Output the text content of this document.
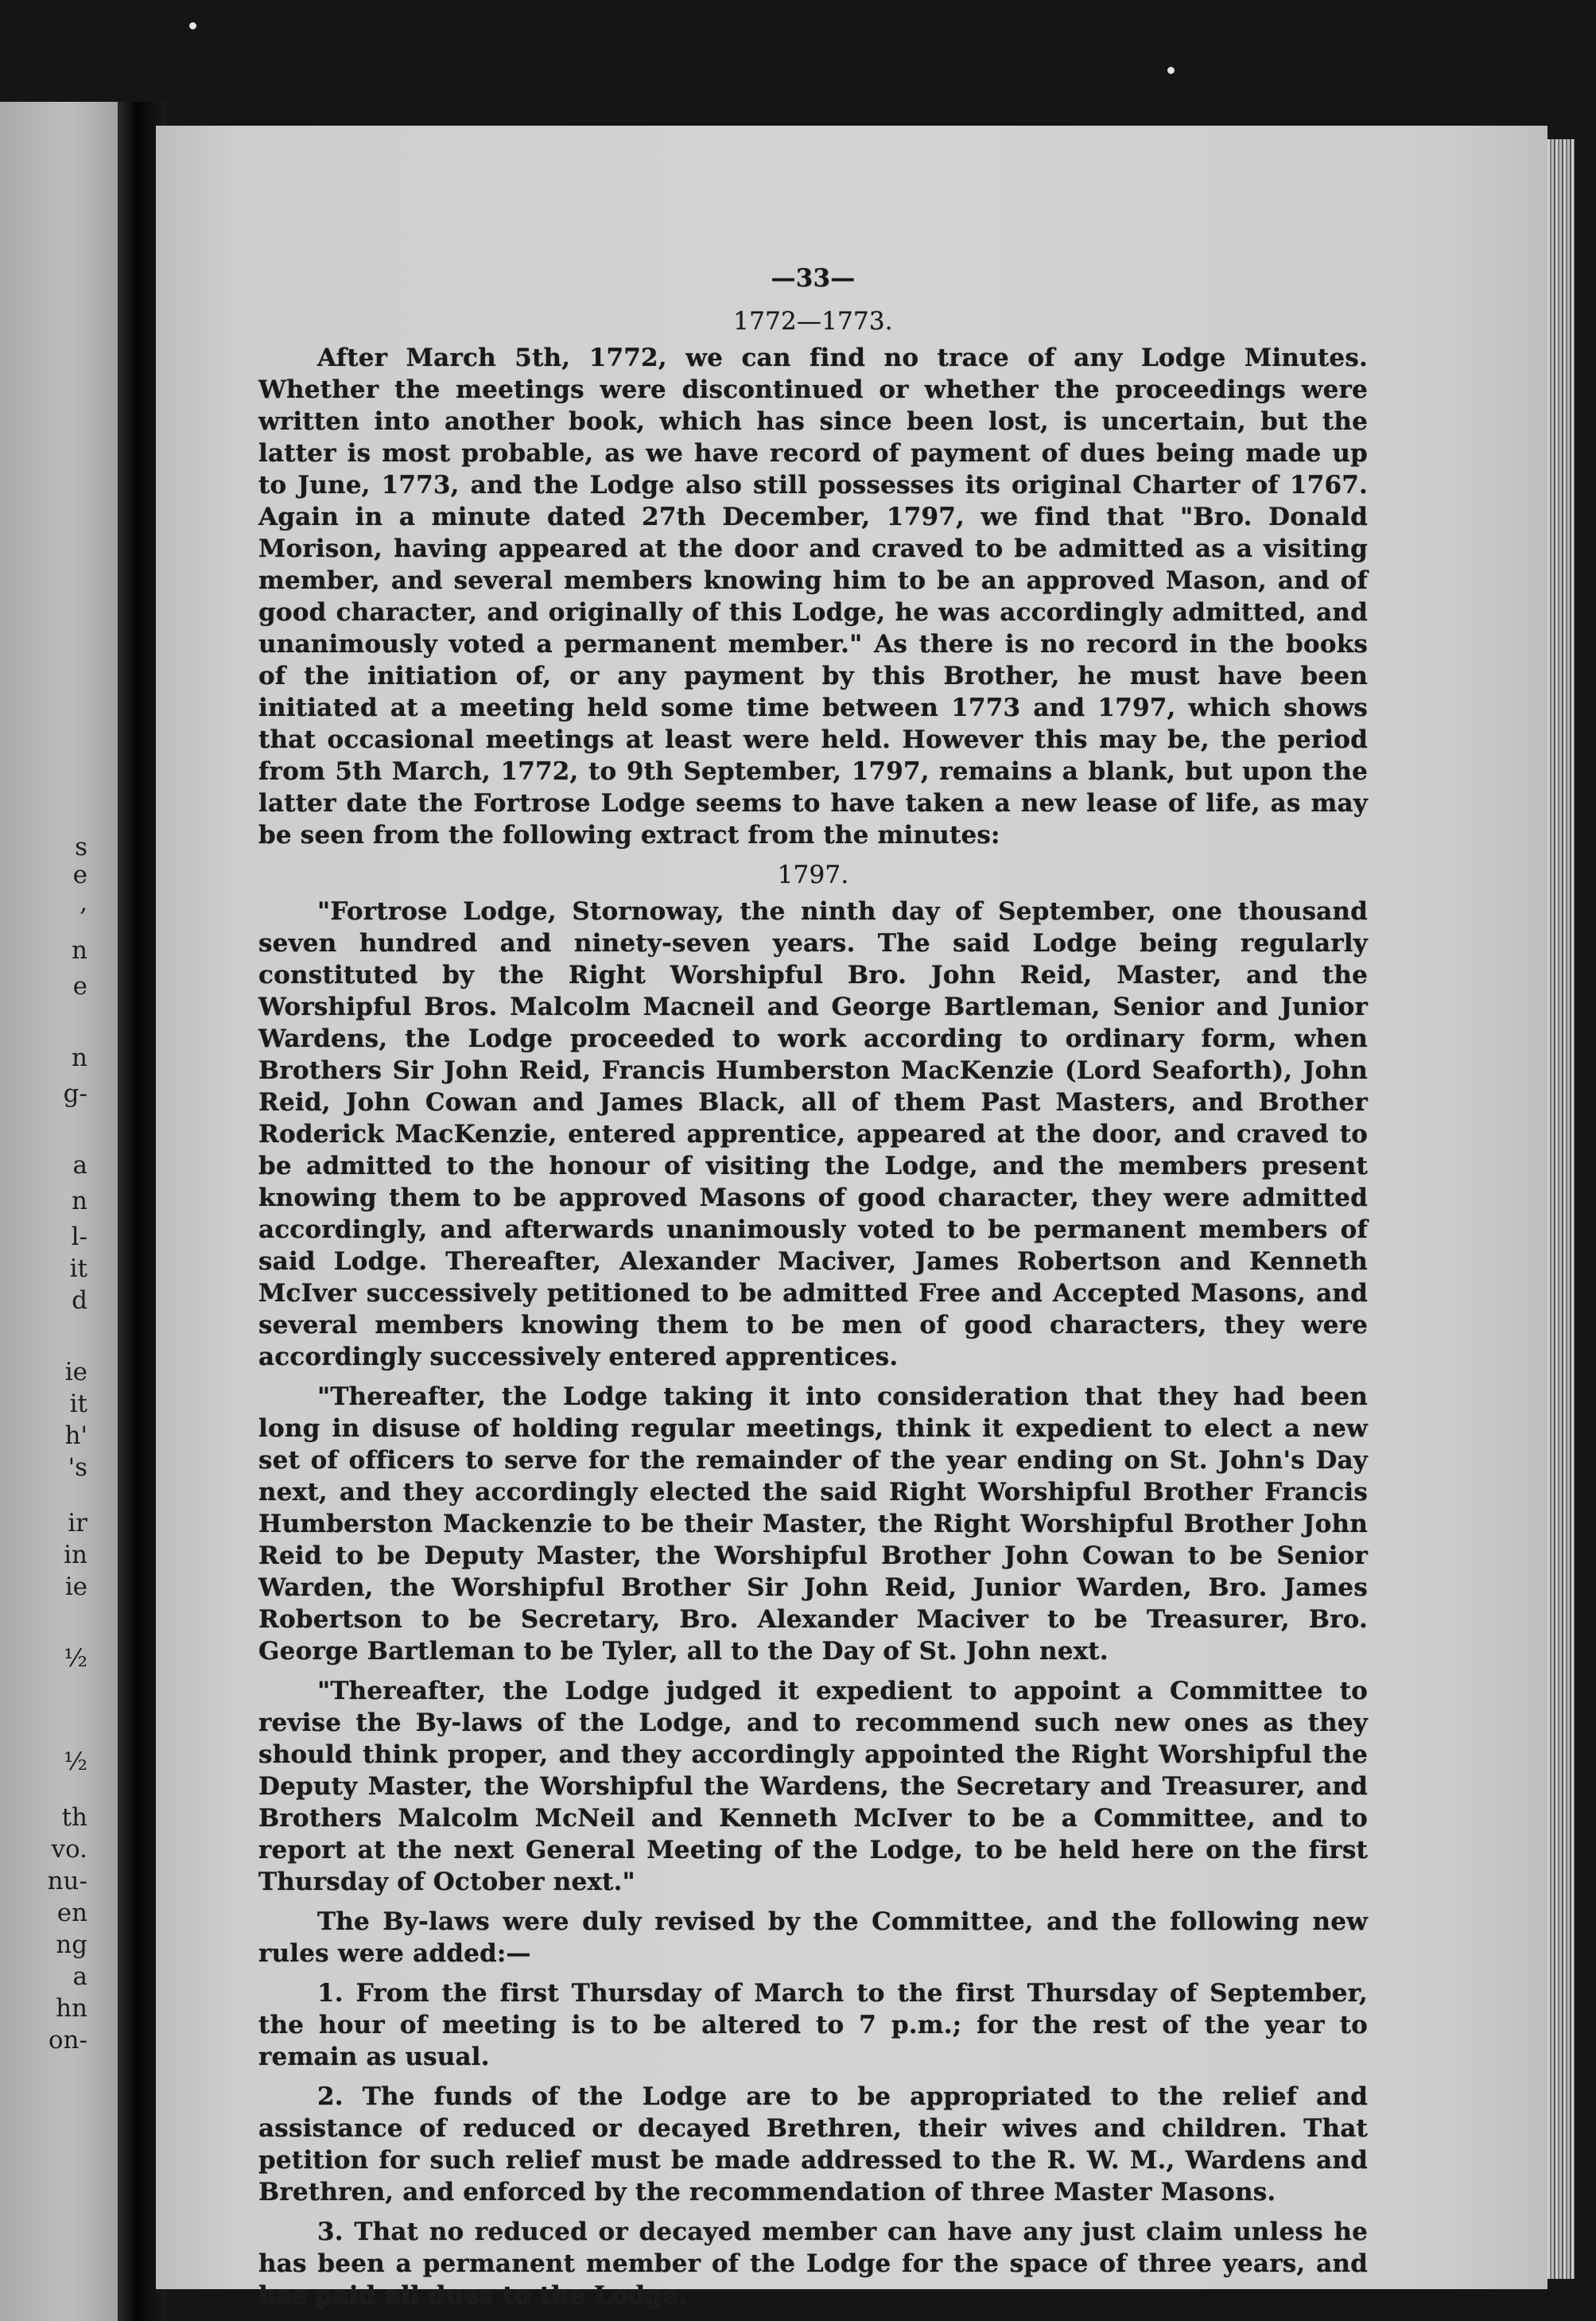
s
e
,
n
e
n
g-
a
n
l-
it
d
ie
it
h'
's
ir
in
ie
½
½
th
vo.
nu-
en
ng
a
hn
on-
—33—
1772—1773.

After March 5th, 1772, we can find no trace of any Lodge Minutes. Whether the meetings were discontinued or whether the proceedings were written into another book, which has since been lost, is uncertain, but the latter is most probable, as we have record of payment of dues being made up to June, 1773, and the Lodge also still possesses its original Charter of 1767. Again in a minute dated 27th December, 1797, we find that "Bro. Donald Morison, having appeared at the door and craved to be admitted as a visiting member, and several members knowing him to be an approved Mason, and of good character, and originally of this Lodge, he was accordingly admitted, and unanimously voted a permanent member." As there is no record in the books of the initiation of, or any payment by this Brother, he must have been initiated at a meeting held some time between 1773 and 1797, which shows that occasional meetings at least were held. However this may be, the period from 5th March, 1772, to 9th September, 1797, remains a blank, but upon the latter date the Fortrose Lodge seems to have taken a new lease of life, as may be seen from the following extract from the minutes:

1797.

"Fortrose Lodge, Stornoway, the ninth day of September, one thousand seven hundred and ninety-seven years. The said Lodge being regularly constituted by the Right Worshipful Bro. John Reid, Master, and the Worshipful Bros. Malcolm Macneil and George Bartleman, Senior and Junior Wardens, the Lodge proceeded to work according to ordinary form, when Brothers Sir John Reid, Francis Humberston MacKenzie (Lord Seaforth), John Reid, John Cowan and James Black, all of them Past Masters, and Brother Roderick MacKenzie, entered apprentice, appeared at the door, and craved to be admitted to the honour of visiting the Lodge, and the members present knowing them to be approved Masons of good character, they were admitted accordingly, and afterwards unanimously voted to be permanent members of said Lodge. Thereafter, Alexander Maciver, James Robertson and Kenneth McIver successively petitioned to be admitted Free and Accepted Masons, and several members knowing them to be men of good characters, they were accordingly successively entered apprentices.

"Thereafter, the Lodge taking it into consideration that they had been long in disuse of holding regular meetings, think it expedient to elect a new set of officers to serve for the remainder of the year ending on St. John's Day next, and they accordingly elected the said Right Worshipful Brother Francis Humberston Mackenzie to be their Master, the Right Worshipful Brother John Reid to be Deputy Master, the Worshipful Brother John Cowan to be Senior Warden, the Worshipful Brother Sir John Reid, Junior Warden, Bro. James Robertson to be Secretary, Bro. Alexander Maciver to be Treasurer, Bro. George Bartleman to be Tyler, all to the Day of St. John next.

"Thereafter, the Lodge judged it expedient to appoint a Committee to revise the By-laws of the Lodge, and to recommend such new ones as they should think proper, and they accordingly appointed the Right Worshipful the Deputy Master, the Worshipful the Wardens, the Secretary and Treasurer, and Brothers Malcolm McNeil and Kenneth McIver to be a Committee, and to report at the next General Meeting of the Lodge, to be held here on the first Thursday of October next."

The By-laws were duly revised by the Committee, and the following new rules were added:—

1. From the first Thursday of March to the first Thursday of September, the hour of meeting is to be altered to 7 p.m.; for the rest of the year to remain as usual.

2. The funds of the Lodge are to be appropriated to the relief and assistance of reduced or decayed Brethren, their wives and children. That petition for such relief must be made addressed to the R. W. M., Wardens and Brethren, and enforced by the recommendation of three Master Masons.

3. That no reduced or decayed member can have any just claim unless he has been a permanent member of the Lodge for the space of three years, and has paid all dues to the Lodge.
